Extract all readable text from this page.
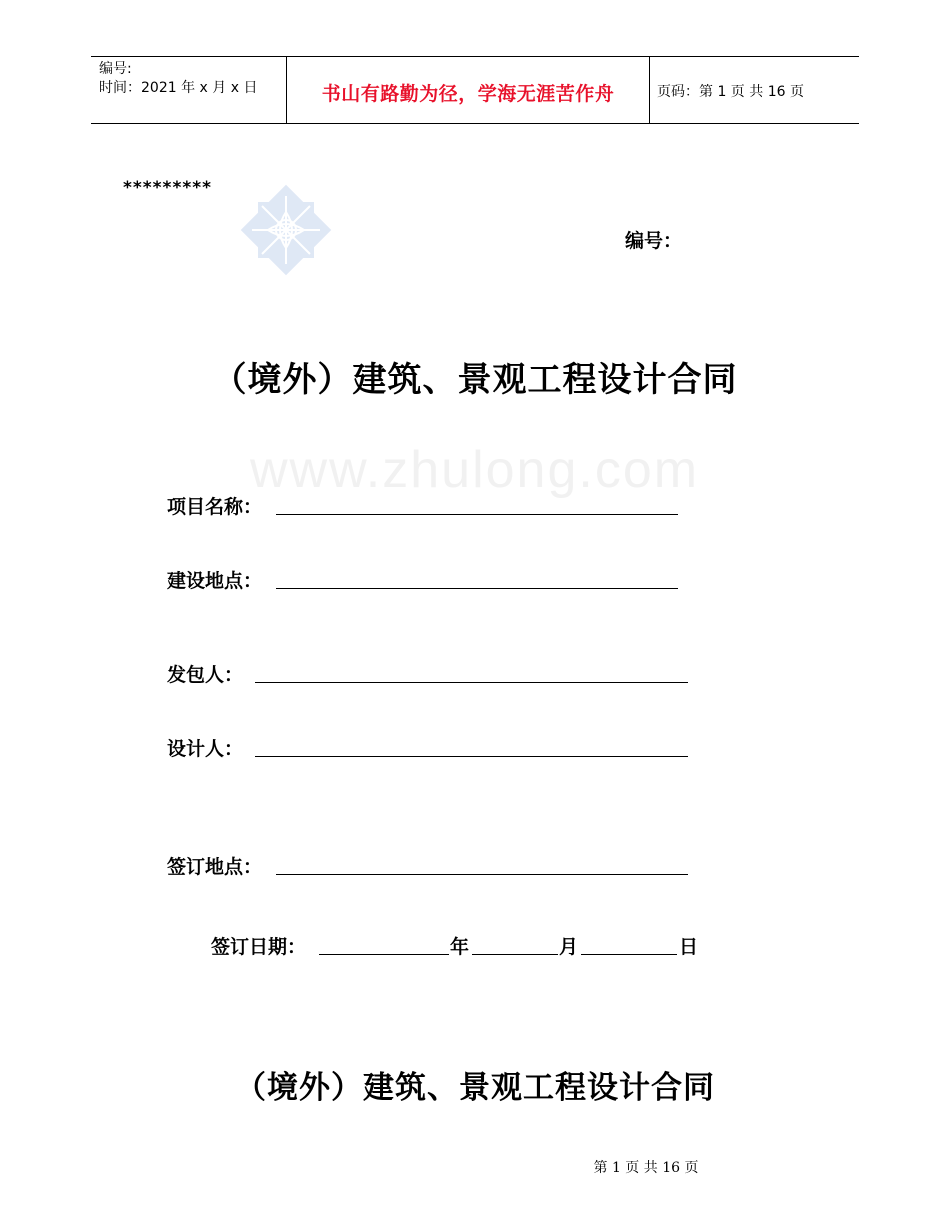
编号:
时间：2021 年 x 月 x 日	书山有路勤为径，学海无涯苦作舟	页码：第 1 页 共 16 页
*********
编号：
（境外）建筑、景观工程设计合同
www.zhulong.com
项目名称：
建设地点：
发包人：
设计人：
签订地点：
签订日期：	年	月	日
（境外）建筑、景观工程设计合同
第 1 页 共 16 页
